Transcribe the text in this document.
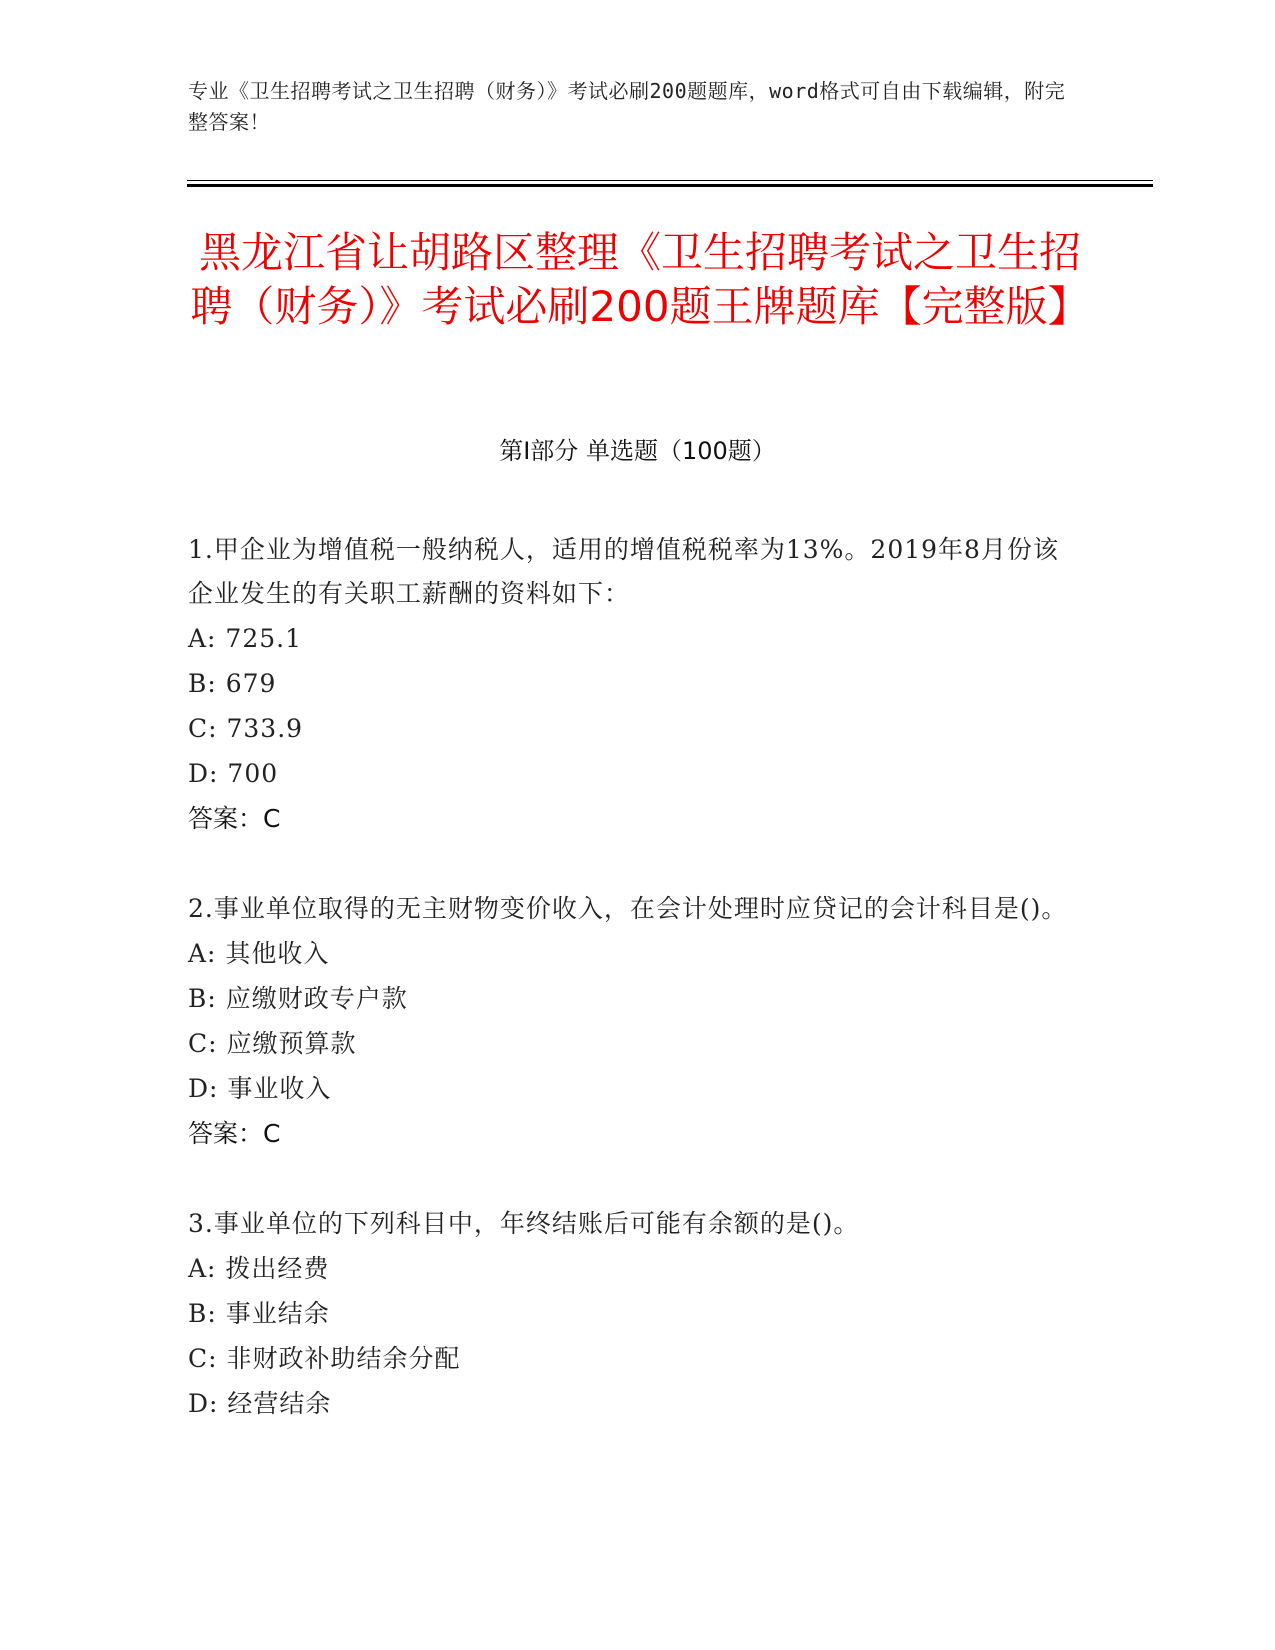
专业《卫生招聘考试之卫生招聘（财务）》考试必刷200题题库，word格式可自由下载编辑，附完整答案！
黑龙江省让胡路区整理《卫生招聘考试之卫生招聘（财务）》考试必刷200题王牌题库【完整版】
第Ⅰ部分 单选题（100题）
1.甲企业为增值税一般纳税人，适用的增值税税率为13%。2019年8月份该企业发生的有关职工薪酬的资料如下：
A: 725.1
B: 679
C: 733.9
D: 700
答案：C
2.事业单位取得的无主财物变价收入，在会计处理时应贷记的会计科目是()。
A: 其他收入
B: 应缴财政专户款
C: 应缴预算款
D: 事业收入
答案：C
3.事业单位的下列科目中，年终结账后可能有余额的是()。
A: 拨出经费
B: 事业结余
C: 非财政补助结余分配
D: 经营结余
